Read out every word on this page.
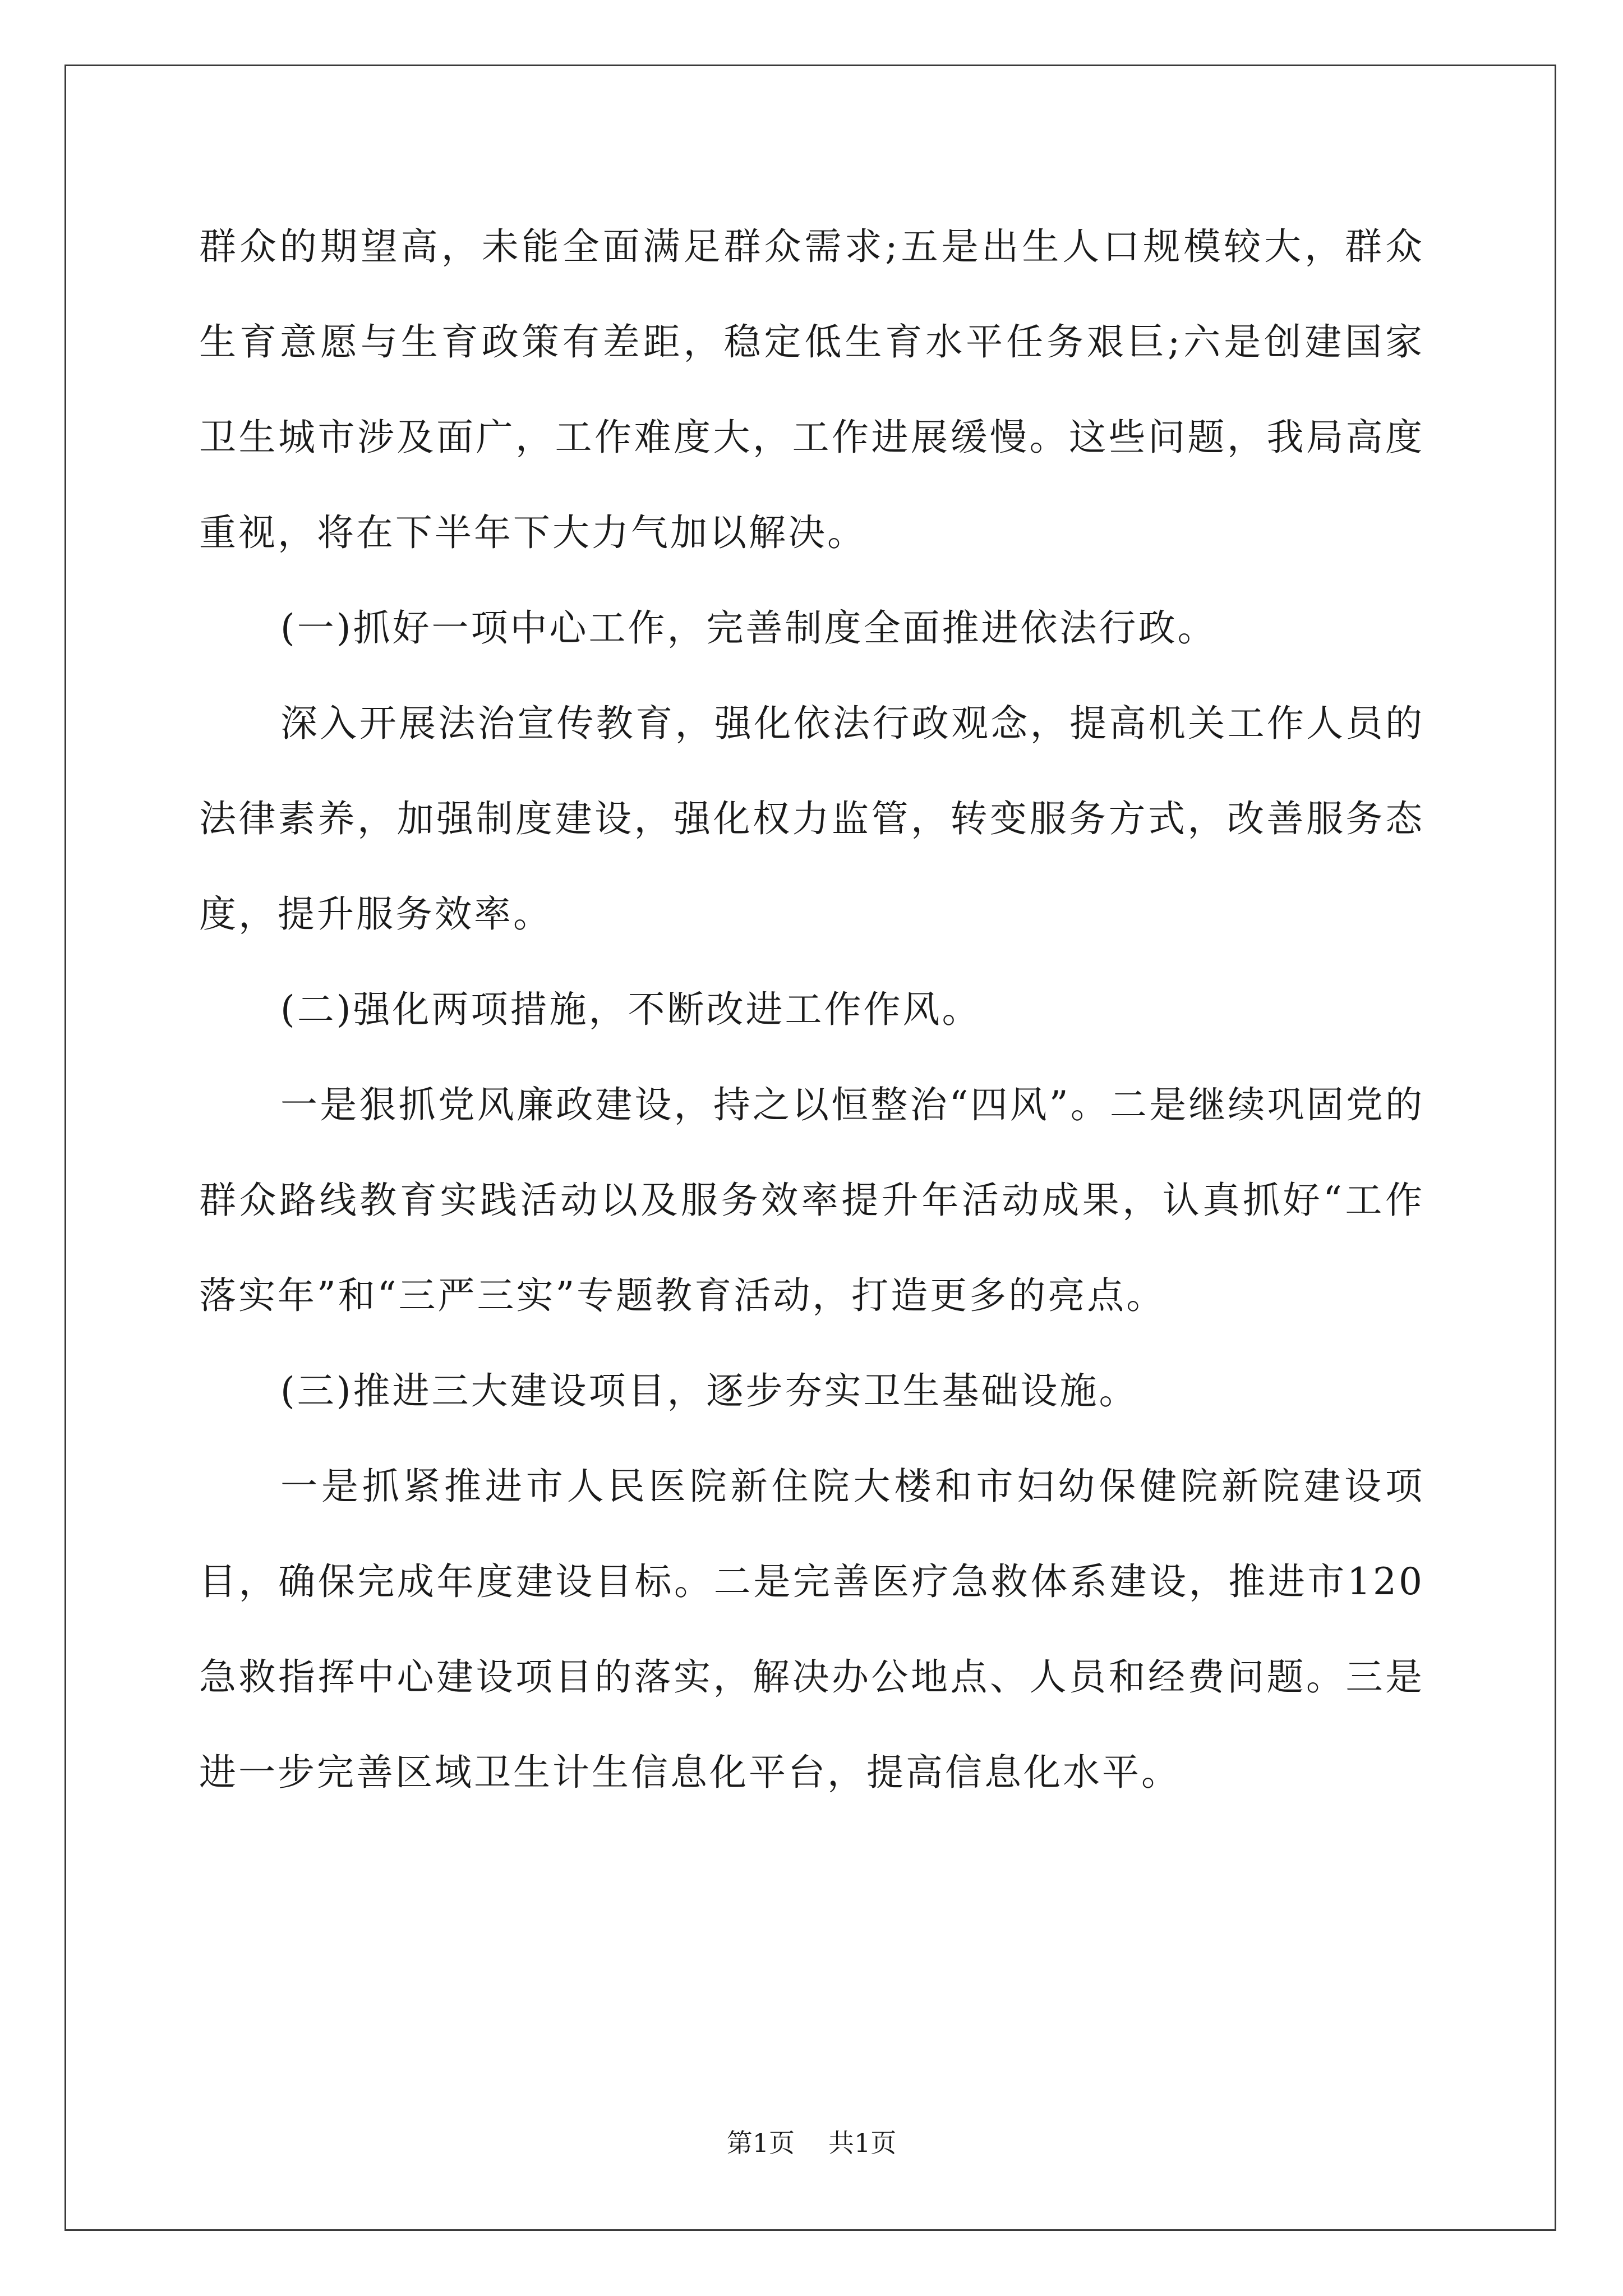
群众的期望高，未能全面满足群众需求;五是出生人口规模较大，群众生育意愿与生育政策有差距，稳定低生育水平任务艰巨;六是创建国家卫生城市涉及面广，工作难度大，工作进展缓慢。这些问题，我局高度重视，将在下半年下大力气加以解决。

(一)抓好一项中心工作，完善制度全面推进依法行政。

深入开展法治宣传教育，强化依法行政观念，提高机关工作人员的法律素养，加强制度建设，强化权力监管，转变服务方式，改善服务态度，提升服务效率。

(二)强化两项措施，不断改进工作作风。

一是狠抓党风廉政建设，持之以恒整治“四风”。二是继续巩固党的群众路线教育实践活动以及服务效率提升年活动成果，认真抓好“工作落实年”和“三严三实”专题教育活动，打造更多的亮点。

(三)推进三大建设项目，逐步夯实卫生基础设施。

一是抓紧推进市人民医院新住院大楼和市妇幼保健院新院建设项目，确保完成年度建设目标。二是完善医疗急救体系建设，推进市120急救指挥中心建设项目的落实，解决办公地点、人员和经费问题。三是进一步完善区域卫生计生信息化平台，提高信息化水平。

第1页 共1页
